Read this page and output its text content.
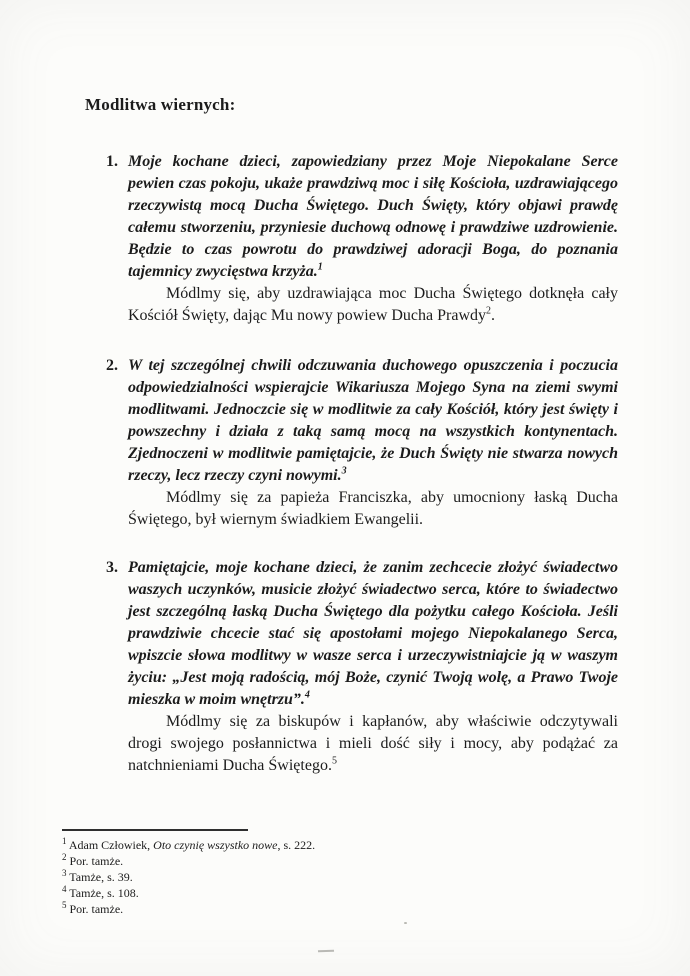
Modlitwa wiernych:
1. Moje kochane dzieci, zapowiedziany przez Moje Niepokalane Serce pewien czas pokoju, ukaże prawdziwą moc i siłę Kościoła, uzdrawiającego rzeczywistą mocą Ducha Świętego. Duch Święty, który objawi prawdę całemu stworzeniu, przyniesie duchową odnowę i prawdziwe uzdrowienie. Będzie to czas powrotu do prawdziwej adoracji Boga, do poznania tajemnicy zwycięstwa krzyża.$^1$

Módlmy się, aby uzdrawiająca moc Ducha Świętego dotknęła cały Kościół Święty, dając Mu nowy powiew Ducha Prawdy$^2$.

2. W tej szczególnej chwili odczuwania duchowego opuszczenia i poczucia odpowiedzialności wspierajcie Wikariusza Mojego Syna na ziemi swymi modlitwami. Jednoczcie się w modlitwie za cały Kościół, który jest święty i powszechny i działa z taką samą mocą na wszystkich kontynentach. Zjednoczeni w modlitwie pamiętajcie, że Duch Święty nie stwarza nowych rzeczy, lecz rzeczy czyni nowymi.$^3$

Módlmy się za papieża Franciszka, aby umocniony łaską Ducha Świętego, był wiernym świadkiem Ewangelii.

3. Pamiętajcie, moje kochane dzieci, że zanim zechcecie złożyć świadectwo waszych uczynków, musicie złożyć świadectwo serca, które to świadectwo jest szczególną łaską Ducha Świętego dla pożytku całego Kościoła. Jeśli prawdziwie chcecie stać się apostołami mojego Niepokalanego Serca, wpiszcie słowa modlitwy w wasze serca i urzeczywistniajcie ją w waszym życiu: „Jest moją radością, mój Boże, czynić Twoją wolę, a Prawo Twoje mieszka w moim wnętrzu”.$^4$

Módlmy się za biskupów i kapłanów, aby właściwie odczytywali drogi swojego posłannictwa i mieli dość siły i mocy, aby podążać za natchnieniami Ducha Świętego.$^5$

$^1$ Adam Człowiek, Oto czynię wszystko nowe, s. 222.

$^2$ Por. tamże.

$^3$ Tamże, s. 39.

$^4$ Tamże, s. 108.

$^5$ Por. tamże.
